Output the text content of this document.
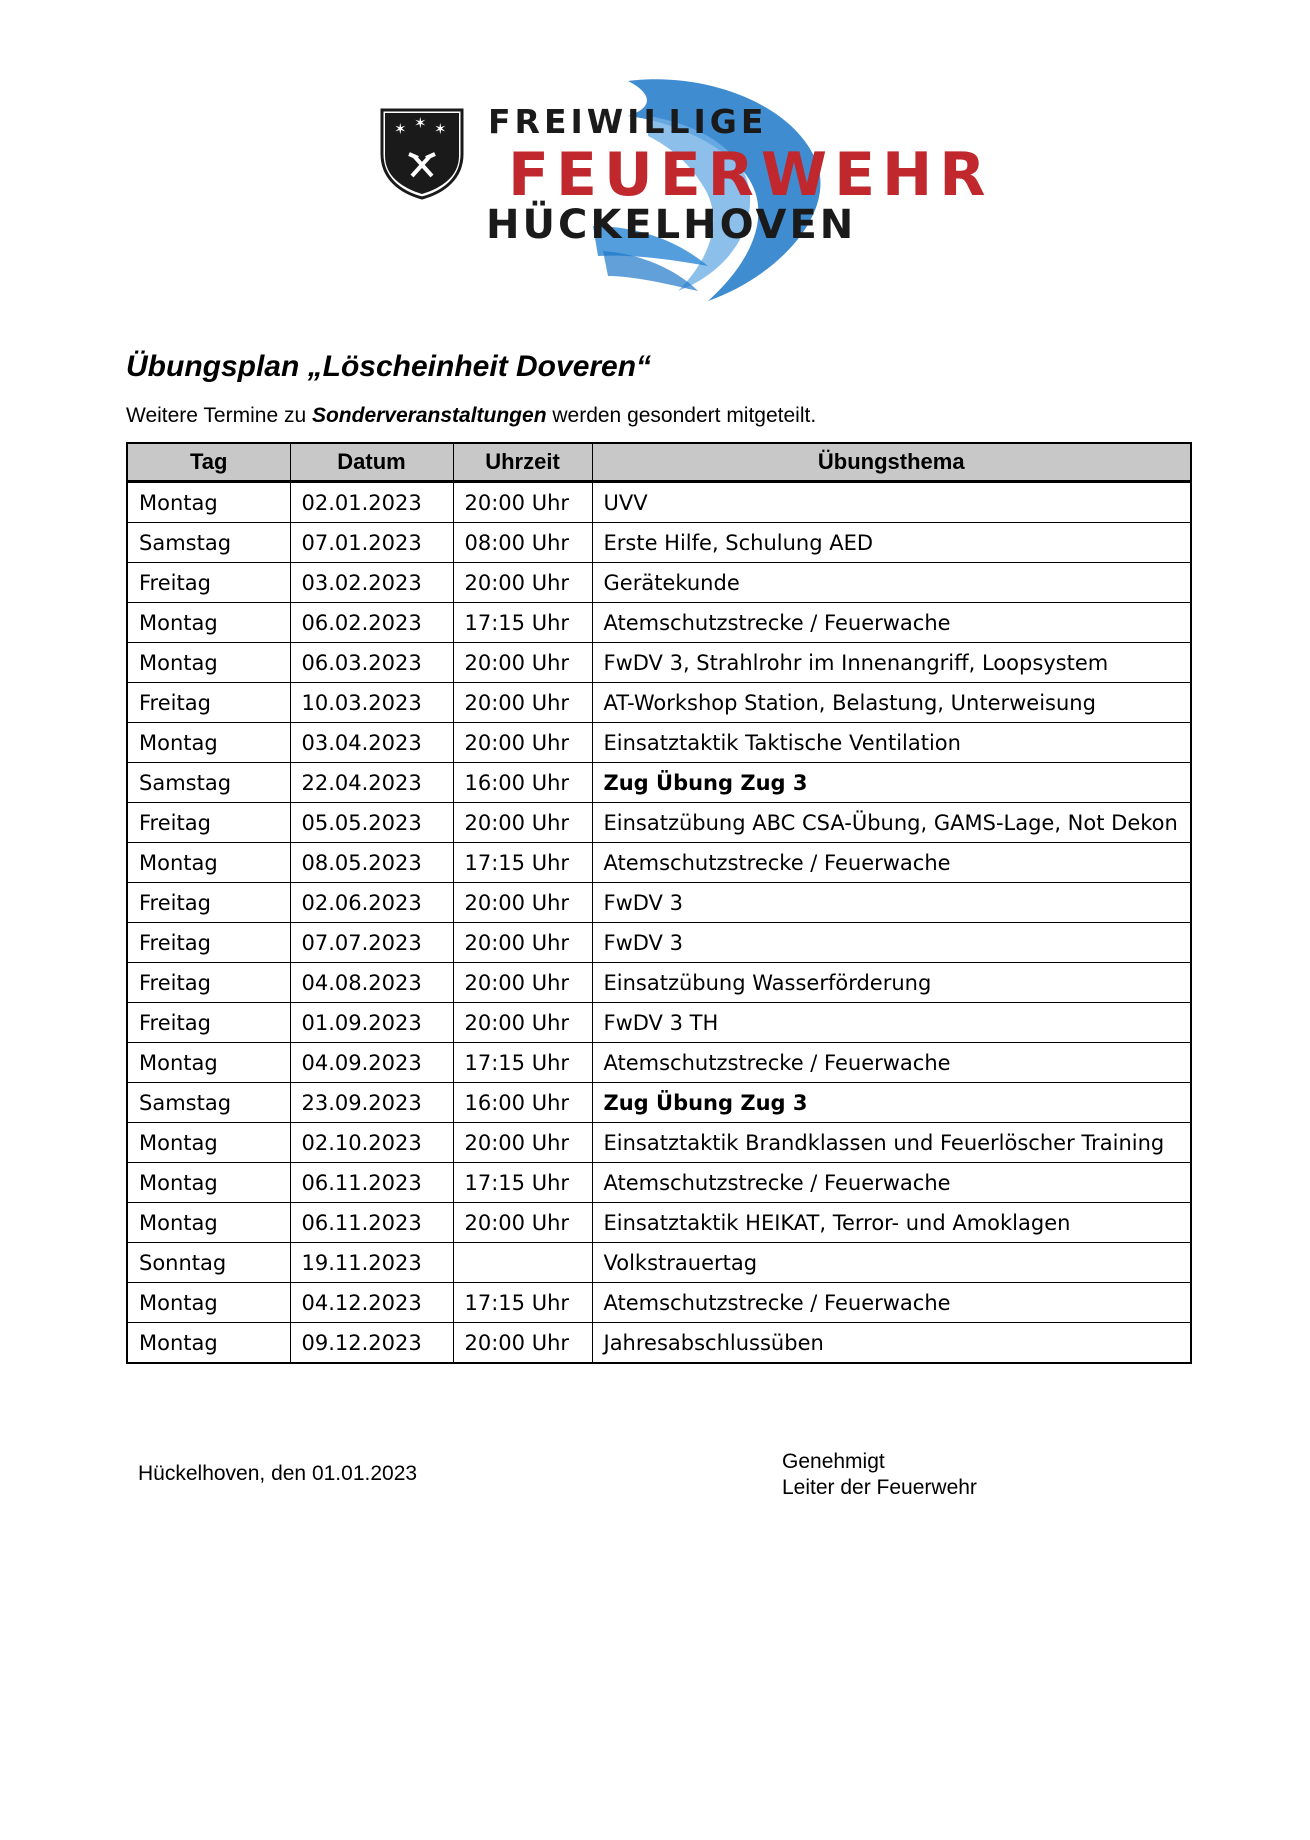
✶ ✶ ✶ FREIWILLIGE
FEUERWEHR
HÜCKELHOVEN
Übungsplan „Löscheinheit Doveren“
Weitere Termine zu Sonderveranstaltungen werden gesondert mitgeteilt.
Tag	Datum	Uhrzeit	Übungsthema
Montag	02.01.2023	20:00 Uhr	UVV
Samstag	07.01.2023	08:00 Uhr	Erste Hilfe, Schulung AED
Freitag	03.02.2023	20:00 Uhr	Gerätekunde
Montag	06.02.2023	17:15 Uhr	Atemschutzstrecke / Feuerwache
Montag	06.03.2023	20:00 Uhr	FwDV 3, Strahlrohr im Innenangriff, Loopsystem
Freitag	10.03.2023	20:00 Uhr	AT-Workshop Station, Belastung, Unterweisung
Montag	03.04.2023	20:00 Uhr	Einsatztaktik Taktische Ventilation
Samstag	22.04.2023	16:00 Uhr	Zug Übung Zug 3
Freitag	05.05.2023	20:00 Uhr	Einsatzübung ABC CSA-Übung, GAMS-Lage, Not Dekon
Montag	08.05.2023	17:15 Uhr	Atemschutzstrecke / Feuerwache
Freitag	02.06.2023	20:00 Uhr	FwDV 3
Freitag	07.07.2023	20:00 Uhr	FwDV 3
Freitag	04.08.2023	20:00 Uhr	Einsatzübung Wasserförderung
Freitag	01.09.2023	20:00 Uhr	FwDV 3 TH
Montag	04.09.2023	17:15 Uhr	Atemschutzstrecke / Feuerwache
Samstag	23.09.2023	16:00 Uhr	Zug Übung Zug 3
Montag	02.10.2023	20:00 Uhr	Einsatztaktik Brandklassen und Feuerlöscher Training
Montag	06.11.2023	17:15 Uhr	Atemschutzstrecke / Feuerwache
Montag	06.11.2023	20:00 Uhr	Einsatztaktik HEIKAT, Terror- und Amoklagen
Sonntag	19.11.2023		Volkstrauertag
Montag	04.12.2023	17:15 Uhr	Atemschutzstrecke / Feuerwache
Montag	09.12.2023	20:00 Uhr	Jahresabschlussüben
Hückelhoven, den 01.01.2023
Genehmigt
Leiter der Feuerwehr
